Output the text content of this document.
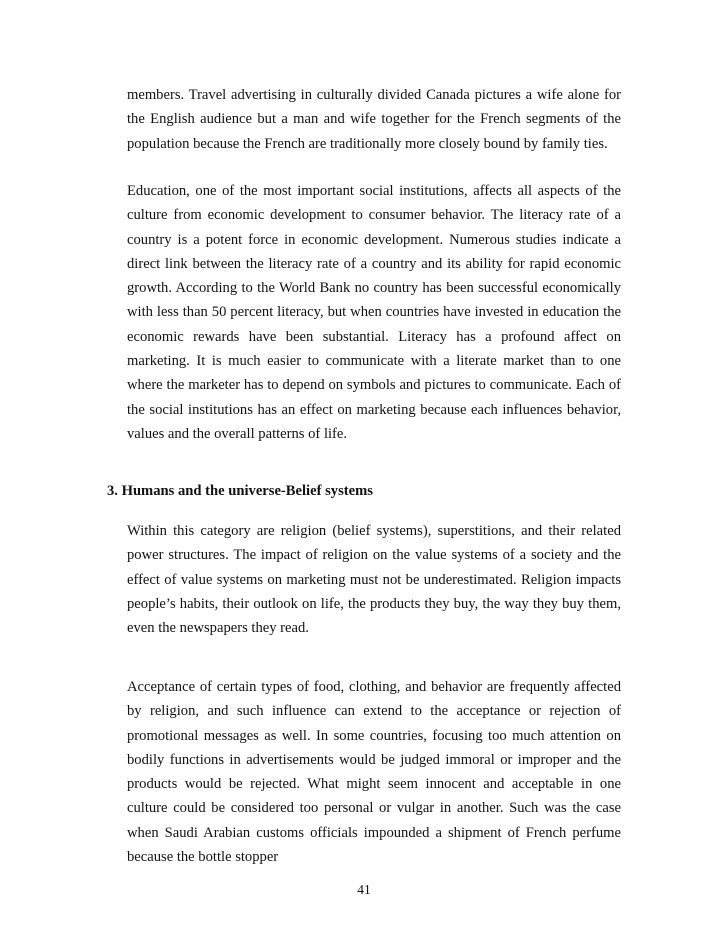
members. Travel advertising in culturally divided Canada pictures a wife alone for the English audience but a man and wife together for the French segments of the population because the French are traditionally more closely bound by family ties.

Education, one of the most important social institutions, affects all aspects of the culture from economic development to consumer behavior. The literacy rate of a country is a potent force in economic development. Numerous studies indicate a direct link between the literacy rate of a country and its ability for rapid economic growth. According to the World Bank no country has been successful economically with less than 50 percent literacy, but when countries have invested in education the economic rewards have been substantial. Literacy has a profound affect on marketing. It is much easier to communicate with a literate market than to one where the marketer has to depend on symbols and pictures to communicate. Each of the social institutions has an effect on marketing because each influences behavior, values and the overall patterns of life.

3. Humans and the universe-Belief systems

Within this category are religion (belief systems), superstitions, and their related power structures. The impact of religion on the value systems of a society and the effect of value systems on marketing must not be underestimated. Religion impacts people’s habits, their outlook on life, the products they buy, the way they buy them, even the newspapers they read.

Acceptance of certain types of food, clothing, and behavior are frequently affected by religion, and such influence can extend to the acceptance or rejection of promotional messages as well. In some countries, focusing too much attention on bodily functions in advertisements would be judged immoral or improper and the products would be rejected. What might seem innocent and acceptable in one culture could be considered too personal or vulgar in another. Such was the case when Saudi Arabian customs officials impounded a shipment of French perfume because the bottle stopper

41
